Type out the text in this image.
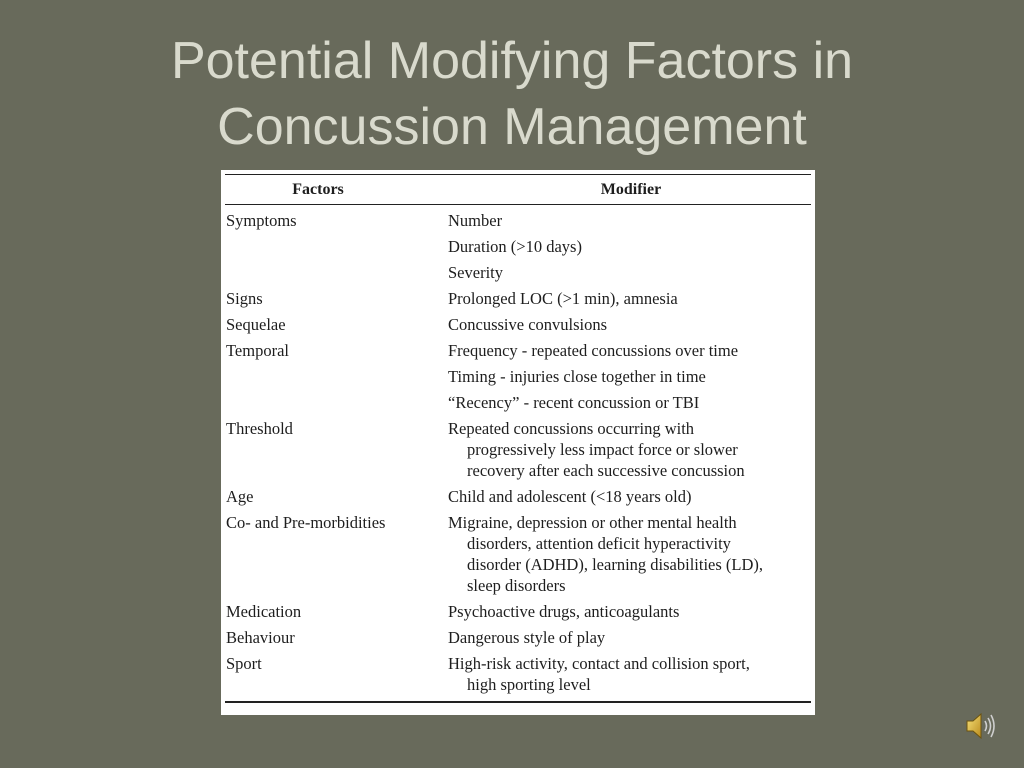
Potential Modifying Factors in
Concussion Management
Factors	Modifier
Symptoms	Number
Duration (>10 days)
Severity
Signs	Prolonged LOC (>1 min), amnesia
Sequelae	Concussive convulsions
Temporal	Frequency - repeated concussions over time
Timing - injuries close together in time
“Recency” - recent concussion or TBI
Threshold	Repeated concussions occurring with
progressively less impact force or slower
recovery after each successive concussion
Age	Child and adolescent (<18 years old)
Co- and Pre-morbidities	Migraine, depression or other mental health
disorders, attention deficit hyperactivity
disorder (ADHD), learning disabilities (LD),
sleep disorders
Medication	Psychoactive drugs, anticoagulants
Behaviour	Dangerous style of play
Sport	High-risk activity, contact and collision sport,
high sporting level
